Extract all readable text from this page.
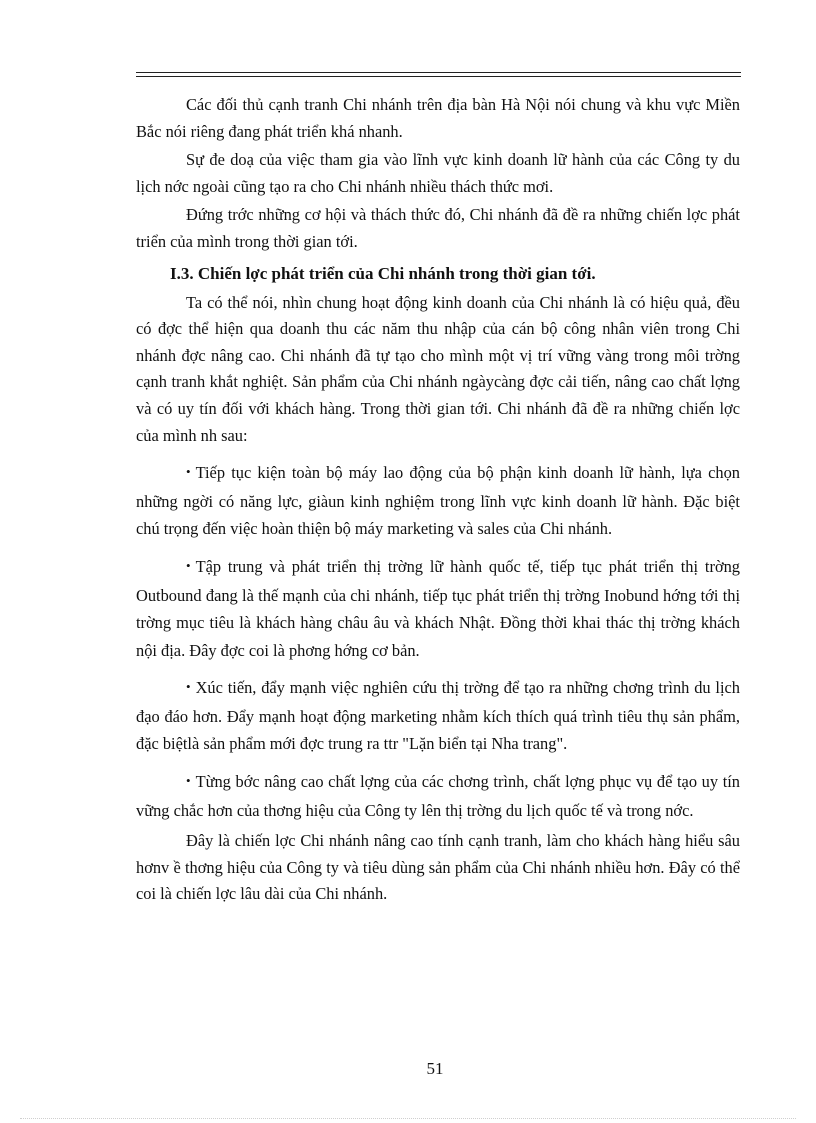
Các đối thủ cạnh tranh Chi nhánh trên địa bàn Hà Nội nói chung và khu vực Miền Bắc nói riêng đang phát triển khá nhanh.

Sự đe doạ của việc tham gia vào lĩnh vực kinh doanh lữ hành của các Công ty du lịch nớc ngoài cũng tạo ra cho Chi nhánh nhiều thách thức mơi.

Đứng trớc những cơ hội và thách thức đó, Chi nhánh đã đề ra những chiến lợc phát triển của mình trong thời gian tới.

I.3. Chiến lợc phát triển của Chi nhánh trong thời gian tới.

Ta có thể nói, nhìn chung hoạt động kinh doanh của Chi nhánh là có hiệu quả, đều có đợc thể hiện qua doanh thu các năm thu nhập của cán bộ công nhân viên trong Chi nhánh đợc nâng cao. Chi nhánh đã tự tạo cho mình một vị trí vững vàng trong môi trờng cạnh tranh khắt nghiệt. Sản phẩm của Chi nhánh ngàycàng đợc cải tiến, nâng cao chất lợng và có uy tín đối với khách hàng. Trong thời gian tới. Chi nhánh đã đề ra những chiến lợc của mình nh sau:

• Tiếp tục kiện toàn bộ máy lao động của bộ phận kinh doanh lữ hành, lựa chọn những ngời có năng lực, giàun kinh nghiệm trong lĩnh vực kinh doanh lữ hành. Đặc biệt chú trọng đến việc hoàn thiện bộ máy marketing và sales của Chi nhánh.

• Tập trung và phát triển thị trờng lữ hành quốc tế, tiếp tục phát triển thị trờng Outbound đang là thế mạnh của chi nhánh, tiếp tục phát triển thị trờng Inobund hớng tới thị trờng mục tiêu là khách hàng châu âu và khách Nhật. Đồng thời khai thác thị trờng khách nội địa. Đây đợc coi là phơng hớng cơ bản.

• Xúc tiến, đẩy mạnh việc nghiên cứu thị trờng để tạo ra những chơng trình du lịch đạo đáo hơn. Đẩy mạnh hoạt động marketing nhằm kích thích quá trình tiêu thụ sản phẩm, đặc biệtlà sản phẩm mới đợc trung ra ttr "Lặn biển tại Nha trang".

• Từng bớc nâng cao chất lợng của các chơng trình, chất lợng phục vụ để tạo uy tín vững chắc hơn của thơng hiệu của Công ty lên thị trờng du lịch quốc tế và trong nớc.

Đây là chiến lợc Chi nhánh nâng cao tính cạnh tranh, làm cho khách hàng hiểu sâu hơnv ề thơng hiệu của Công ty và tiêu dùng sản phẩm của Chi nhánh nhiều hơn. Đây có thể coi là chiến lợc lâu dài của Chi nhánh.

51
